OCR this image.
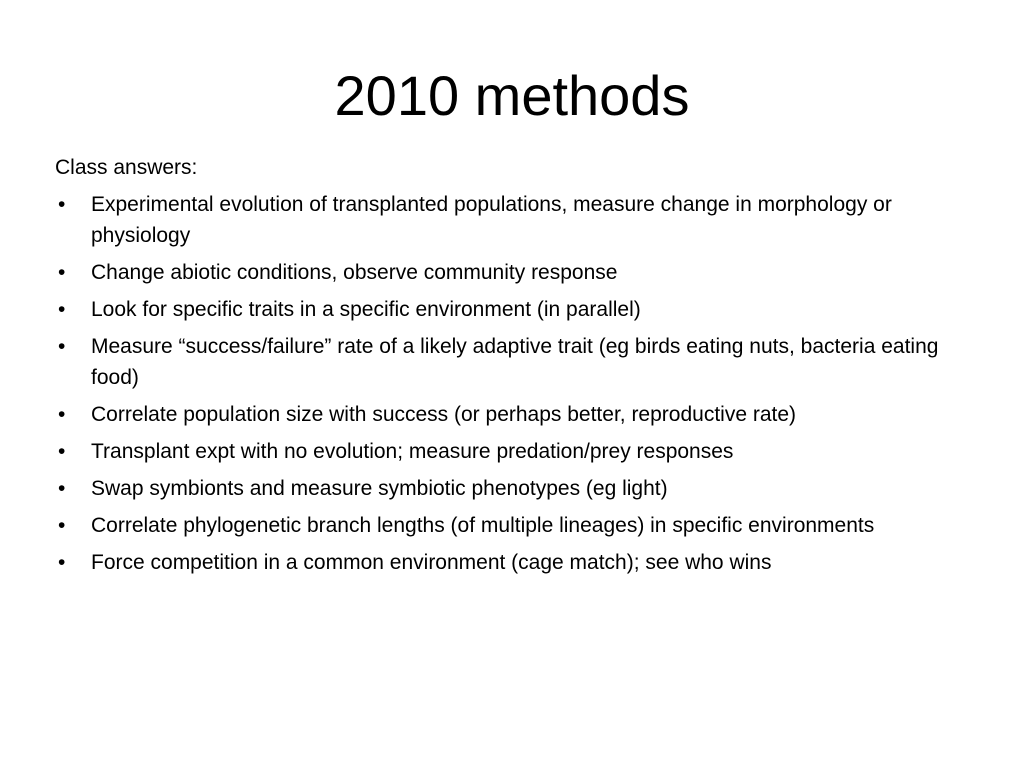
2010 methods

Class answers:

• Experimental evolution of transplanted populations, measure change in morphology or physiology
• Change abiotic conditions, observe community response
• Look for specific traits in a specific environment (in parallel)
• Measure “success/failure” rate of a likely adaptive trait (eg birds eating nuts, bacteria eating food)
• Correlate population size with success (or perhaps better, reproductive rate)
• Transplant expt with no evolution; measure predation/prey responses
• Swap symbionts and measure symbiotic phenotypes (eg light)
• Correlate phylogenetic branch lengths (of multiple lineages) in specific environments
• Force competition in a common environment (cage match); see who wins
